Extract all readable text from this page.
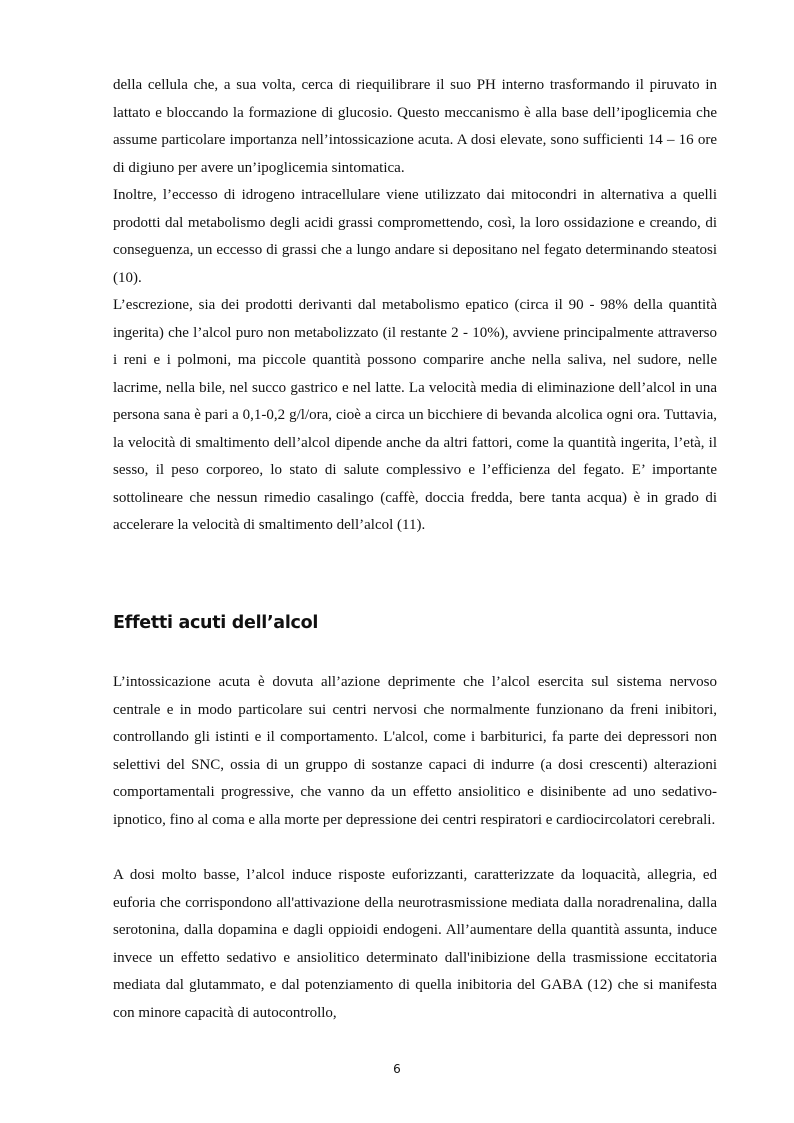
della cellula che, a sua volta, cerca di riequilibrare il suo PH interno trasformando il piruvato in lattato e bloccando la formazione di glucosio. Questo meccanismo è alla base dell’ipoglicemia che assume particolare importanza nell’intossicazione acuta. A dosi elevate, sono sufficienti 14 – 16 ore di digiuno per avere un’ipoglicemia sintomatica.

Inoltre, l’eccesso di idrogeno intracellulare viene utilizzato dai mitocondri in alternativa a quelli prodotti dal metabolismo degli acidi grassi compromettendo, così, la loro ossidazione e creando, di conseguenza, un eccesso di grassi che a lungo andare si depositano nel fegato determinando steatosi (10).

L’escrezione, sia dei prodotti derivanti dal metabolismo epatico (circa il 90 - 98% della quantità ingerita) che l’alcol puro non metabolizzato (il restante 2 - 10%), avviene principalmente attraverso i reni e i polmoni, ma piccole quantità possono comparire anche nella saliva, nel sudore, nelle lacrime, nella bile, nel succo gastrico e nel latte. La velocità media di eliminazione dell’alcol in una persona sana è pari a 0,1-0,2 g/l/ora, cioè a circa un bicchiere di bevanda alcolica ogni ora. Tuttavia, la velocità di smaltimento dell’alcol dipende anche da altri fattori, come la quantità ingerita, l’età, il sesso, il peso corporeo, lo stato di salute complessivo e l’efficienza del fegato. E’ importante sottolineare che nessun rimedio casalingo (caffè, doccia fredda, bere tanta acqua) è in grado di accelerare la velocità di smaltimento dell’alcol (11).

Effetti acuti dell’alcol

L’intossicazione acuta è dovuta all’azione deprimente che l’alcol esercita sul sistema nervoso centrale e in modo particolare sui centri nervosi che normalmente funzionano da freni inibitori, controllando gli istinti e il comportamento. L'alcol, come i barbiturici, fa parte dei depressori non selettivi del SNC, ossia di un gruppo di sostanze capaci di indurre (a dosi crescenti) alterazioni comportamentali progressive, che vanno da un effetto ansiolitico e disinibente ad uno sedativo-ipnotico, fino al coma e alla morte per depressione dei centri respiratori e cardiocircolatori cerebrali.

A dosi molto basse, l’alcol induce risposte euforizzanti, caratterizzate da loquacità, allegria, ed euforia che corrispondono all'attivazione della neurotrasmissione mediata dalla noradrenalina, dalla serotonina, dalla dopamina e dagli oppioidi endogeni. All’aumentare della quantità assunta, induce invece un effetto sedativo e ansiolitico determinato dall'inibizione della trasmissione eccitatoria mediata dal glutammato, e dal potenziamento di quella inibitoria del GABA (12) che si manifesta con minore capacità di autocontrollo,

6
